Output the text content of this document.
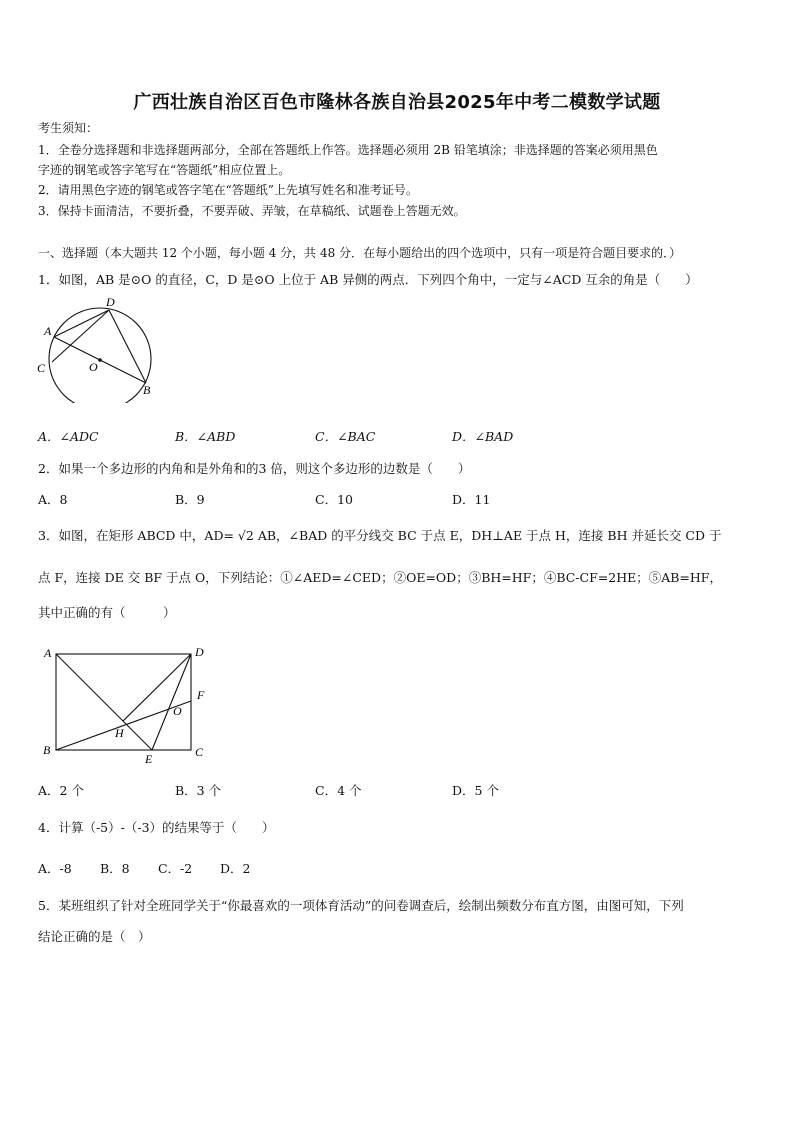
广西壮族自治区百色市隆林各族自治县2025年中考二模数学试题
考生须知：
1．全卷分选择题和非选择题两部分，全部在答题纸上作答。选择题必须用 2B 铅笔填涂；非选择题的答案必须用黑色
字迹的钢笔或答字笔写在“答题纸”相应位置上。
2．请用黑色字迹的钢笔或答字笔在“答题纸”上先填写姓名和准考证号。
3．保持卡面清洁，不要折叠，不要弄破、弄皱，在草稿纸、试题卷上答题无效。
一、选择题（本大题共 12 个小题，每小题 4 分，共 48 分．在每小题给出的四个选项中，只有一项是符合题目要求的．）
1．如图，AB 是⊙O 的直径，C，D 是⊙O 上位于 AB 异侧的两点．下列四个角中，一定与∠ACD 互余的角是（　　）
A
D
C	O
B
A．∠ADC	B．∠ABD	C．∠BAC	D．∠BAD
2．如果一个多边形的内角和是外角和的3 倍，则这个多边形的边数是（　　）
A．8	B．9	C．10	D．11
3．如图，在矩形 ABCD 中，AD= √2 AB，∠BAD 的平分线交 BC 于点 E，DH⊥AE 于点 H，连接 BH 并延长交 CD 于
点 F，连接 DE 交 BF 于点 O，下列结论：①∠AED=∠CED；②OE=OD；③BH=HF；④BC-CF=2HE；⑤AB=HF，
其中正确的有（　　　）
A	D
F
O
H
B	C
E
A．2 个	B．3 个	C．4 个	D．5 个
4．计算（-5）-（-3）的结果等于（　　）
A．-8 B．8 C．-2 D．2
5．某班组织了针对全班同学关于“你最喜欢的一项体育活动”的问卷调查后，绘制出频数分布直方图，由图可知，下列
结论正确的是（　）
